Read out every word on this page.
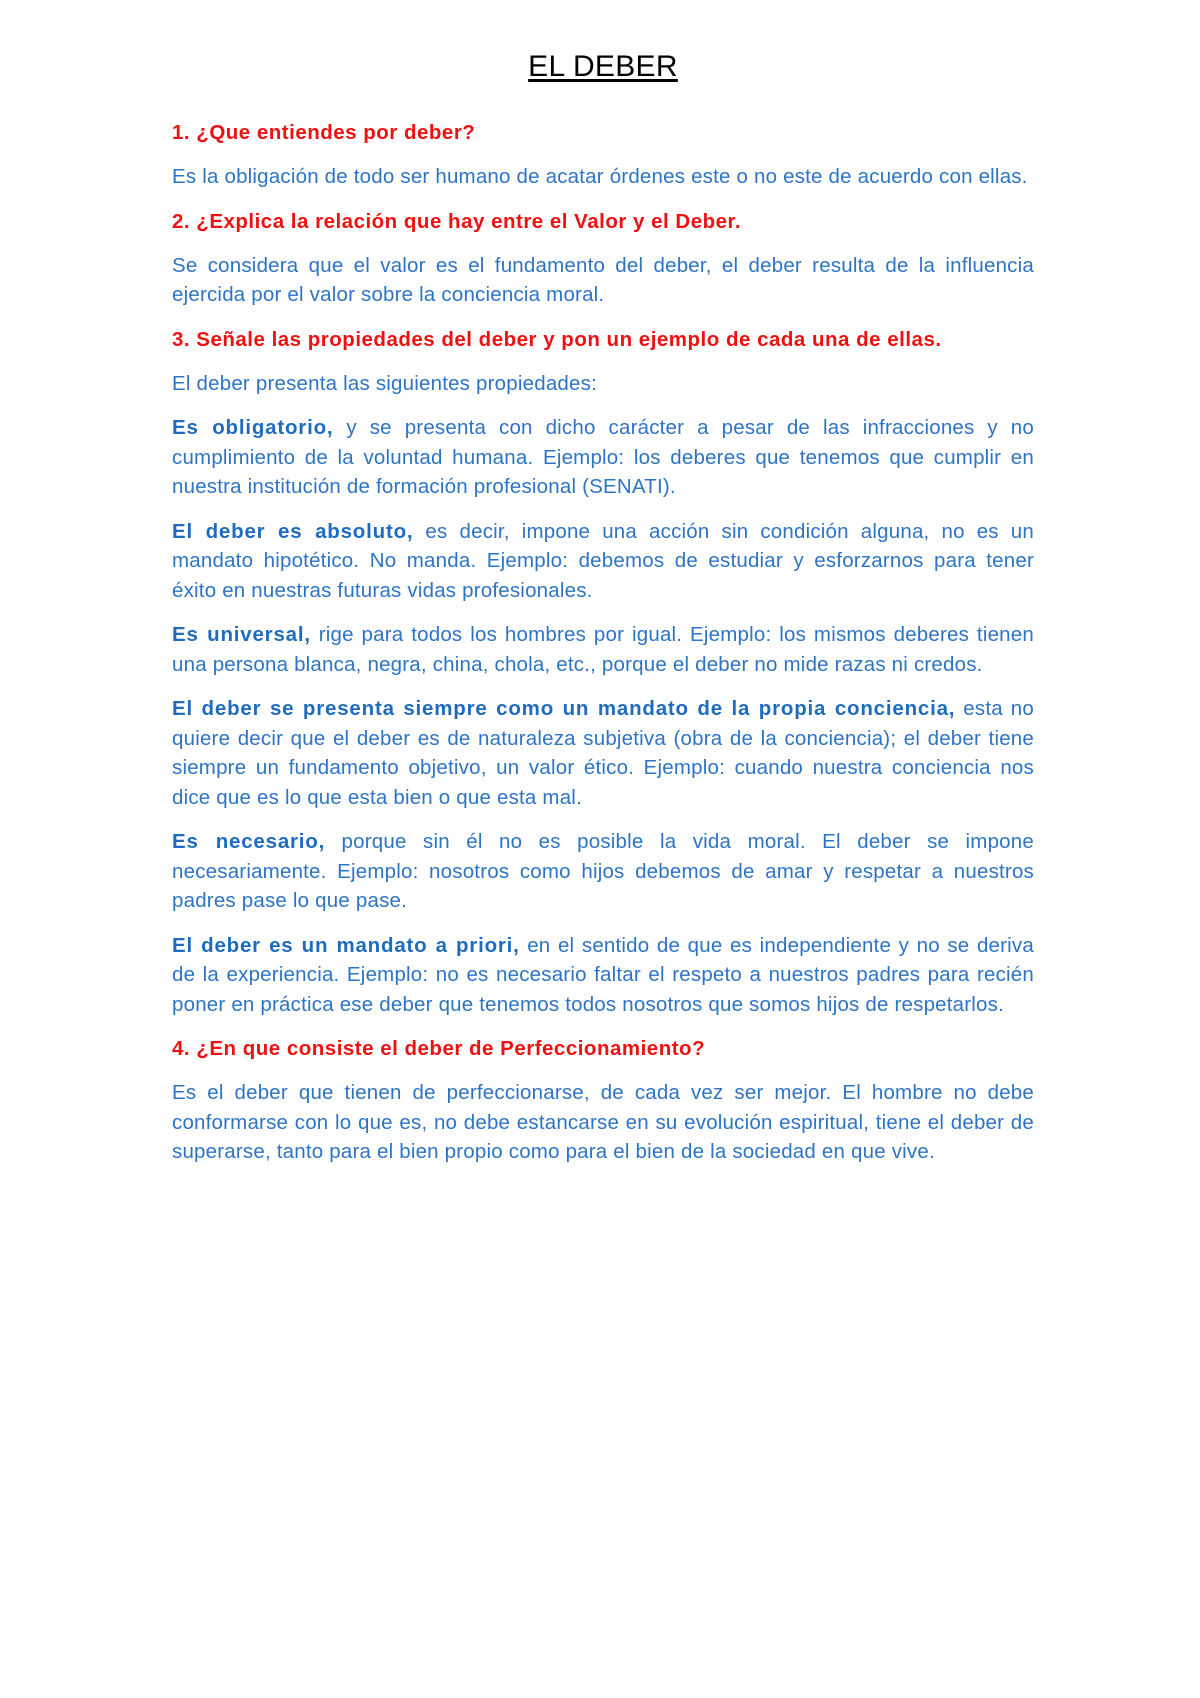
EL DEBER

1. ¿Que entiendes por deber?

Es la obligación de todo ser humano de acatar órdenes este o no este de acuerdo con ellas.

2. ¿Explica la relación que hay entre el Valor y el Deber.

Se considera que el valor es el fundamento del deber, el deber resulta de la influencia ejercida por el valor sobre la conciencia moral.

3. Señale las propiedades del deber y pon un ejemplo de cada una de ellas.

El deber presenta las siguientes propiedades:

Es obligatorio, y se presenta con dicho carácter a pesar de las infracciones y no cumplimiento de la voluntad humana. Ejemplo: los deberes que tenemos que cumplir en nuestra institución de formación profesional (SENATI).

El deber es absoluto, es decir, impone una acción sin condición alguna, no es un mandato hipotético. No manda. Ejemplo: debemos de estudiar y esforzarnos para tener éxito en nuestras futuras vidas profesionales.

Es universal, rige para todos los hombres por igual. Ejemplo: los mismos deberes tienen una persona blanca, negra, china, chola, etc., porque el deber no mide razas ni credos.

El deber se presenta siempre como un mandato de la propia conciencia, esta no quiere decir que el deber es de naturaleza subjetiva (obra de la conciencia); el deber tiene siempre un fundamento objetivo, un valor ético. Ejemplo: cuando nuestra conciencia nos dice que es lo que esta bien o que esta mal.

Es necesario, porque sin él no es posible la vida moral. El deber se impone necesariamente. Ejemplo: nosotros como hijos debemos de amar y respetar a nuestros padres pase lo que pase.

El deber es un mandato a priori, en el sentido de que es independiente y no se deriva de la experiencia. Ejemplo: no es necesario faltar el respeto a nuestros padres para recién poner en práctica ese deber que tenemos todos nosotros que somos hijos de respetarlos.

4. ¿En que consiste el deber de Perfeccionamiento?

Es el deber que tienen de perfeccionarse, de cada vez ser mejor. El hombre no debe conformarse con lo que es, no debe estancarse en su evolución espiritual, tiene el deber de superarse, tanto para el bien propio como para el bien de la sociedad en que vive.
